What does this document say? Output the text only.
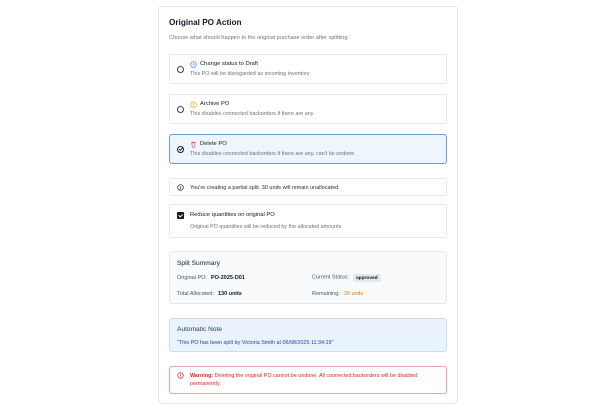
Original PO Action
Choose what should happen to the original purchase order after splitting.
Change status to Draft
This PO will be disregarded as incoming inventory
Archive PO
This disables connected backorders if there are any
Delete PO
This disables connected backorders if there are any, can't be undone
You're creating a partial split. 30 units will remain unallocated.
Reduce quantities on original PO
Original PO quantities will be reduced by the allocated amounts
Split Summary
Original PO: PO-2025-D01	Current Status: approved
Total Allocated: 130 units	Remaining: 30 units
Automatic Note
"This PO has been split by Victoria Smith at 06/08/2025 11:34:19"
Warning: Deleting the original PO cannot be undone. All connected backorders will be disabled permanently.
